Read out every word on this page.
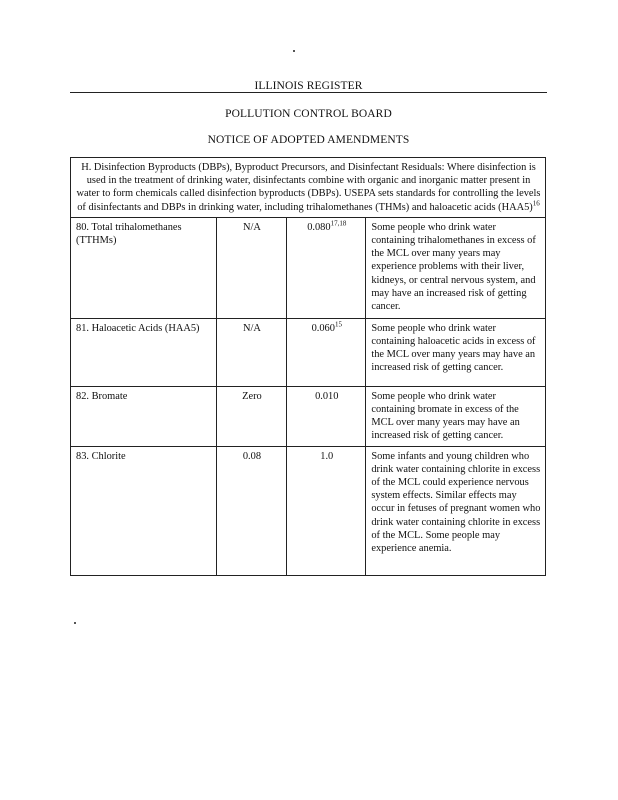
ILLINOIS REGISTER
POLLUTION CONTROL BOARD
NOTICE OF ADOPTED AMENDMENTS
H. Disinfection Byproducts (DBPs), Byproduct Precursors, and Disinfectant Residuals: Where disinfection is used in the treatment of drinking water, disinfectants combine with organic and inorganic matter present in water to form chemicals called disinfection byproducts (DBPs). USEPA sets standards for controlling the levels of disinfectants and DBPs in drinking water, including trihalomethanes (THMs) and haloacetic acids $(HAA5)^{16}$
80. Total trihalomethanes (TTHMs)	N/A	0.080$^{17,18}$	Some people who drink water containing trihalomethanes in excess of the MCL over many years may experience problems with their liver, kidneys, or central nervous system, and may have an increased risk of getting cancer.
81. Haloacetic Acids (HAA5)	N/A	0.060$^{15}$	Some people who drink water containing haloacetic acids in excess of the MCL over many years may have an increased risk of getting cancer.
82. Bromate	Zero	0.010	Some people who drink water containing bromate in excess of the MCL over many years may have an increased risk of getting cancer.
83. Chlorite	0.08	1.0	Some infants and young children who drink water containing chlorite in excess of the MCL could experience nervous system effects. Similar effects may occur in fetuses of pregnant women who drink water containing chlorite in excess of the MCL. Some people may experience anemia.
